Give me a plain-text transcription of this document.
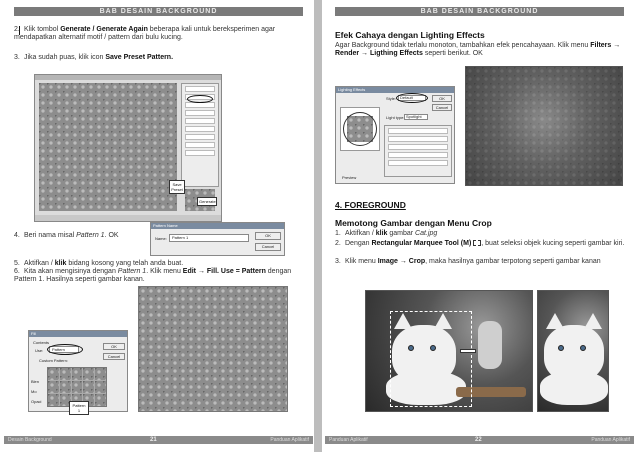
BAB DESAIN BACKGROUND
2. Klik tombol Generate / Generate Again beberapa kali untuk bereksperimen agar mendapatkan alternatif motif / pattern dari bulu kucing.
3. Jika sudah puas, klik icon Save Preset Pattern.
Save Preset
Generate
4. Beri nama misal Pattern 1. OK
Pattern Name
Name:	Pattern 1	OK
Cancel
5. Aktifkan / klik bidang kosong yang telah anda buat.
6. Kita akan mengisinya dengan Pattern 1. Klik menu Edit → Fill. Use = Pattern dengan Pattern 1. Hasilnya seperti gambar kanan.
Fill
Contents
Use:	Pattern
Custom Pattern:
OK
Cancel
Blen
Mo
Opaci
Pattern 1
Desain Background	21	Panduan Aplikatif
BAB DESAIN BACKGROUND
Efek Cahaya dengan Lighting Effects
Agar Background tidak terlalu monoton, tambahkan efek pencahayaan. Klik menu Filters → Render → Ligthing Effects seperti berikut. OK
Lighting Effects
Style: Default	OK
Cancel
Light type: Spotlight
Preview
4. FOREGROUND
Memotong Gambar dengan Menu Crop
1. Aktifkan / klik gambar Cat.jpg
2. Dengan Rectangular Marquee Tool (M) , buat seleksi objek kucing seperti gambar kiri.
3. Klik menu Image → Crop, maka hasilnya gambar terpotong seperti gambar kanan
Panduan Aplikatif	22	Panduan Aplikatif
